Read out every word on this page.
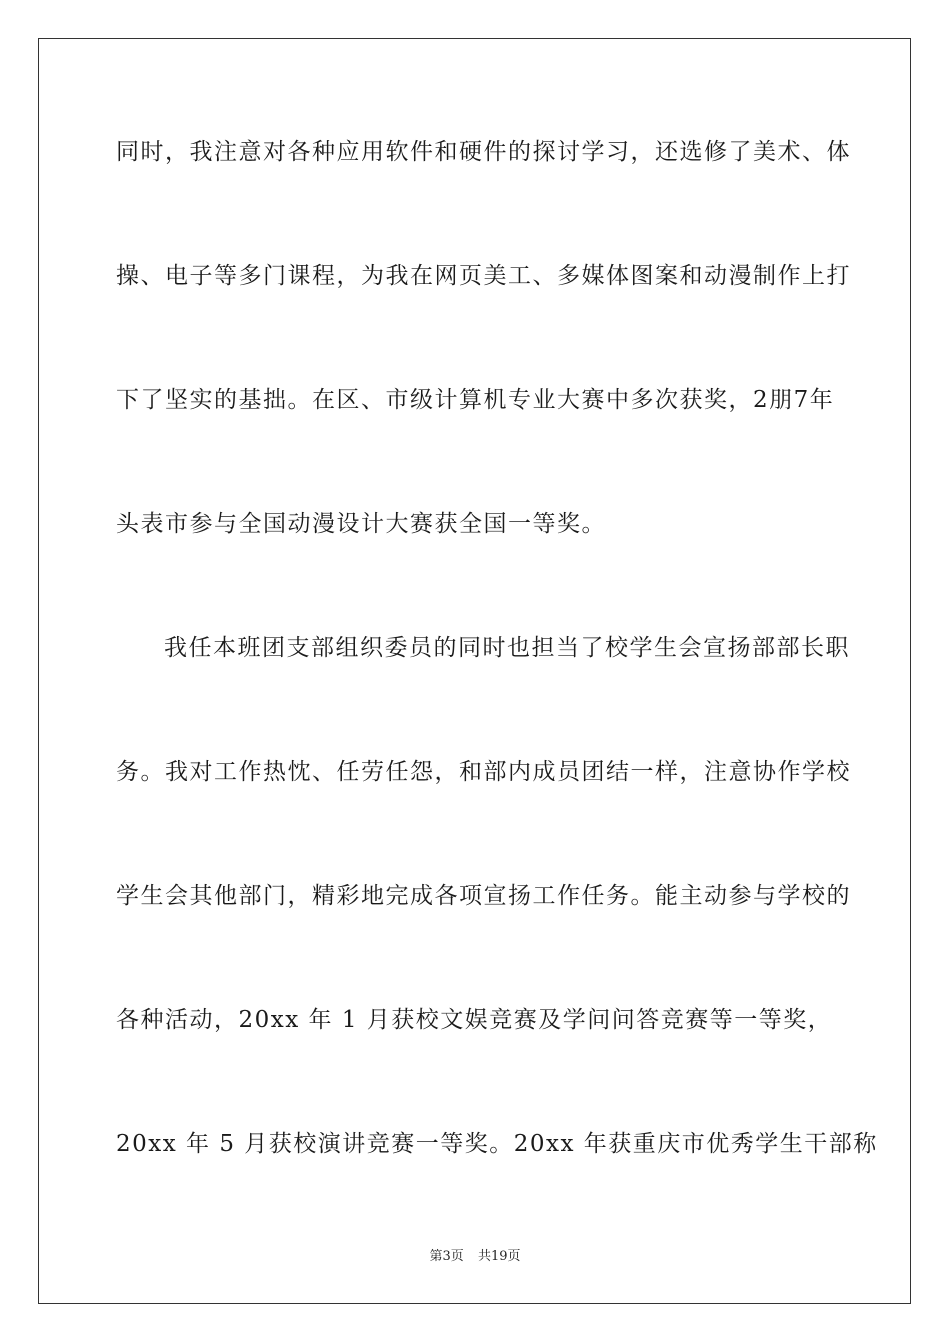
同时，我注意对各种应用软件和硬件的探讨学习，还选修了美术、体
操、电子等多门课程，为我在网页美工、多媒体图案和动漫制作上打
下了坚实的基拙。在区、市级计算机专业大赛中多次获奖，2朋7年
头表市参与全国动漫设计大赛获全国一等奖。
我任本班团支部组织委员的同时也担当了校学生会宣扬部部长职
务。我对工作热忱、任劳任怨，和部内成员团结一样，注意协作学校
学生会其他部门，精彩地完成各项宣扬工作任务。能主动参与学校的
各种活动，20xx 年 1 月获校文娱竞赛及学问问答竞赛等一等奖，
20xx 年 5 月获校演讲竞赛一等奖。20xx 年获重庆市优秀学生干部称
第3页 共19页
